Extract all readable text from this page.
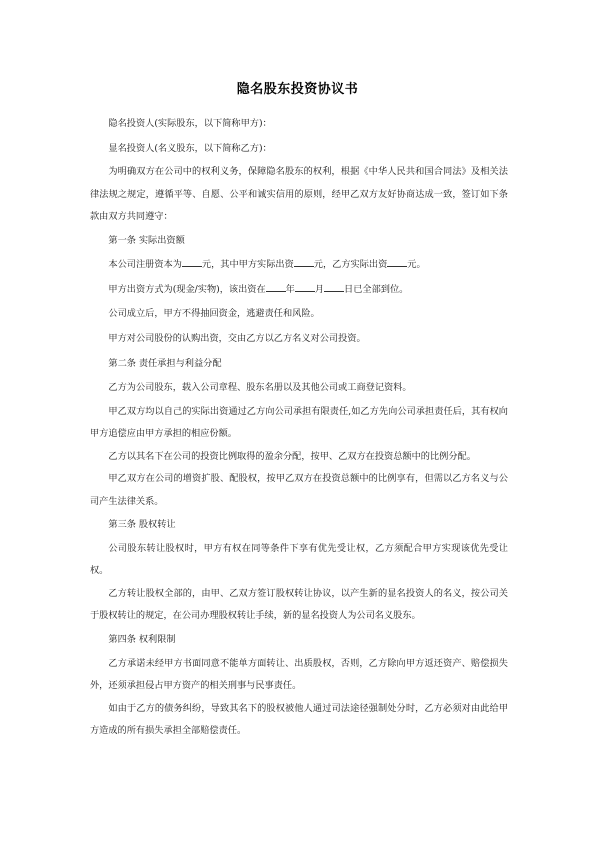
隐名股东投资协议书

隐名投资人(实际股东，以下简称甲方)：

显名投资人(名义股东，以下简称乙方)：

为明确双方在公司中的权利义务，保障隐名股东的权利，根据《中华人民共和国合同法》及相关法律法规之规定，遵循平等、自愿、公平和诚实信用的原则，经甲乙双方友好协商达成一致，签订如下条款由双方共同遵守：

第一条 实际出资额

本公司注册资本为 元，其中甲方实际出资 元，乙方实际出资 元。

甲方出资方式为(现金/实物)，该出资在 年 月 日已全部到位。

公司成立后，甲方不得抽回资金，逃避责任和风险。

甲方对公司股份的认购出资，交由乙方以乙方名义对公司投资。

第二条 责任承担与利益分配

乙方为公司股东，载入公司章程、股东名册以及其他公司或工商登记资料。

甲乙双方均以自己的实际出资通过乙方向公司承担有限责任,如乙方先向公司承担责任后，其有权向甲方追偿应由甲方承担的相应份额。

乙方以其名下在公司的投资比例取得的盈余分配，按甲、乙双方在投资总额中的比例分配。

甲乙双方在公司的增资扩股、配股权，按甲乙双方在投资总额中的比例享有，但需以乙方名义与公司产生法律关系。

第三条 股权转让

公司股东转让股权时，甲方有权在同等条件下享有优先受让权，乙方须配合甲方实现该优先受让权。

乙方转让股权全部的，由甲、乙双方签订股权转让协议，以产生新的显名投资人的名义，按公司关于股权转让的规定，在公司办理股权转让手续，新的显名投资人为公司名义股东。

第四条 权利限制

乙方承诺未经甲方书面同意不能单方面转让、出质股权，否则，乙方除向甲方返还资产、赔偿损失外，还须承担侵占甲方资产的相关刑事与民事责任。

如由于乙方的债务纠纷，导致其名下的股权被他人通过司法途径强制处分时，乙方必须对由此给甲方造成的所有损失承担全部赔偿责任。
